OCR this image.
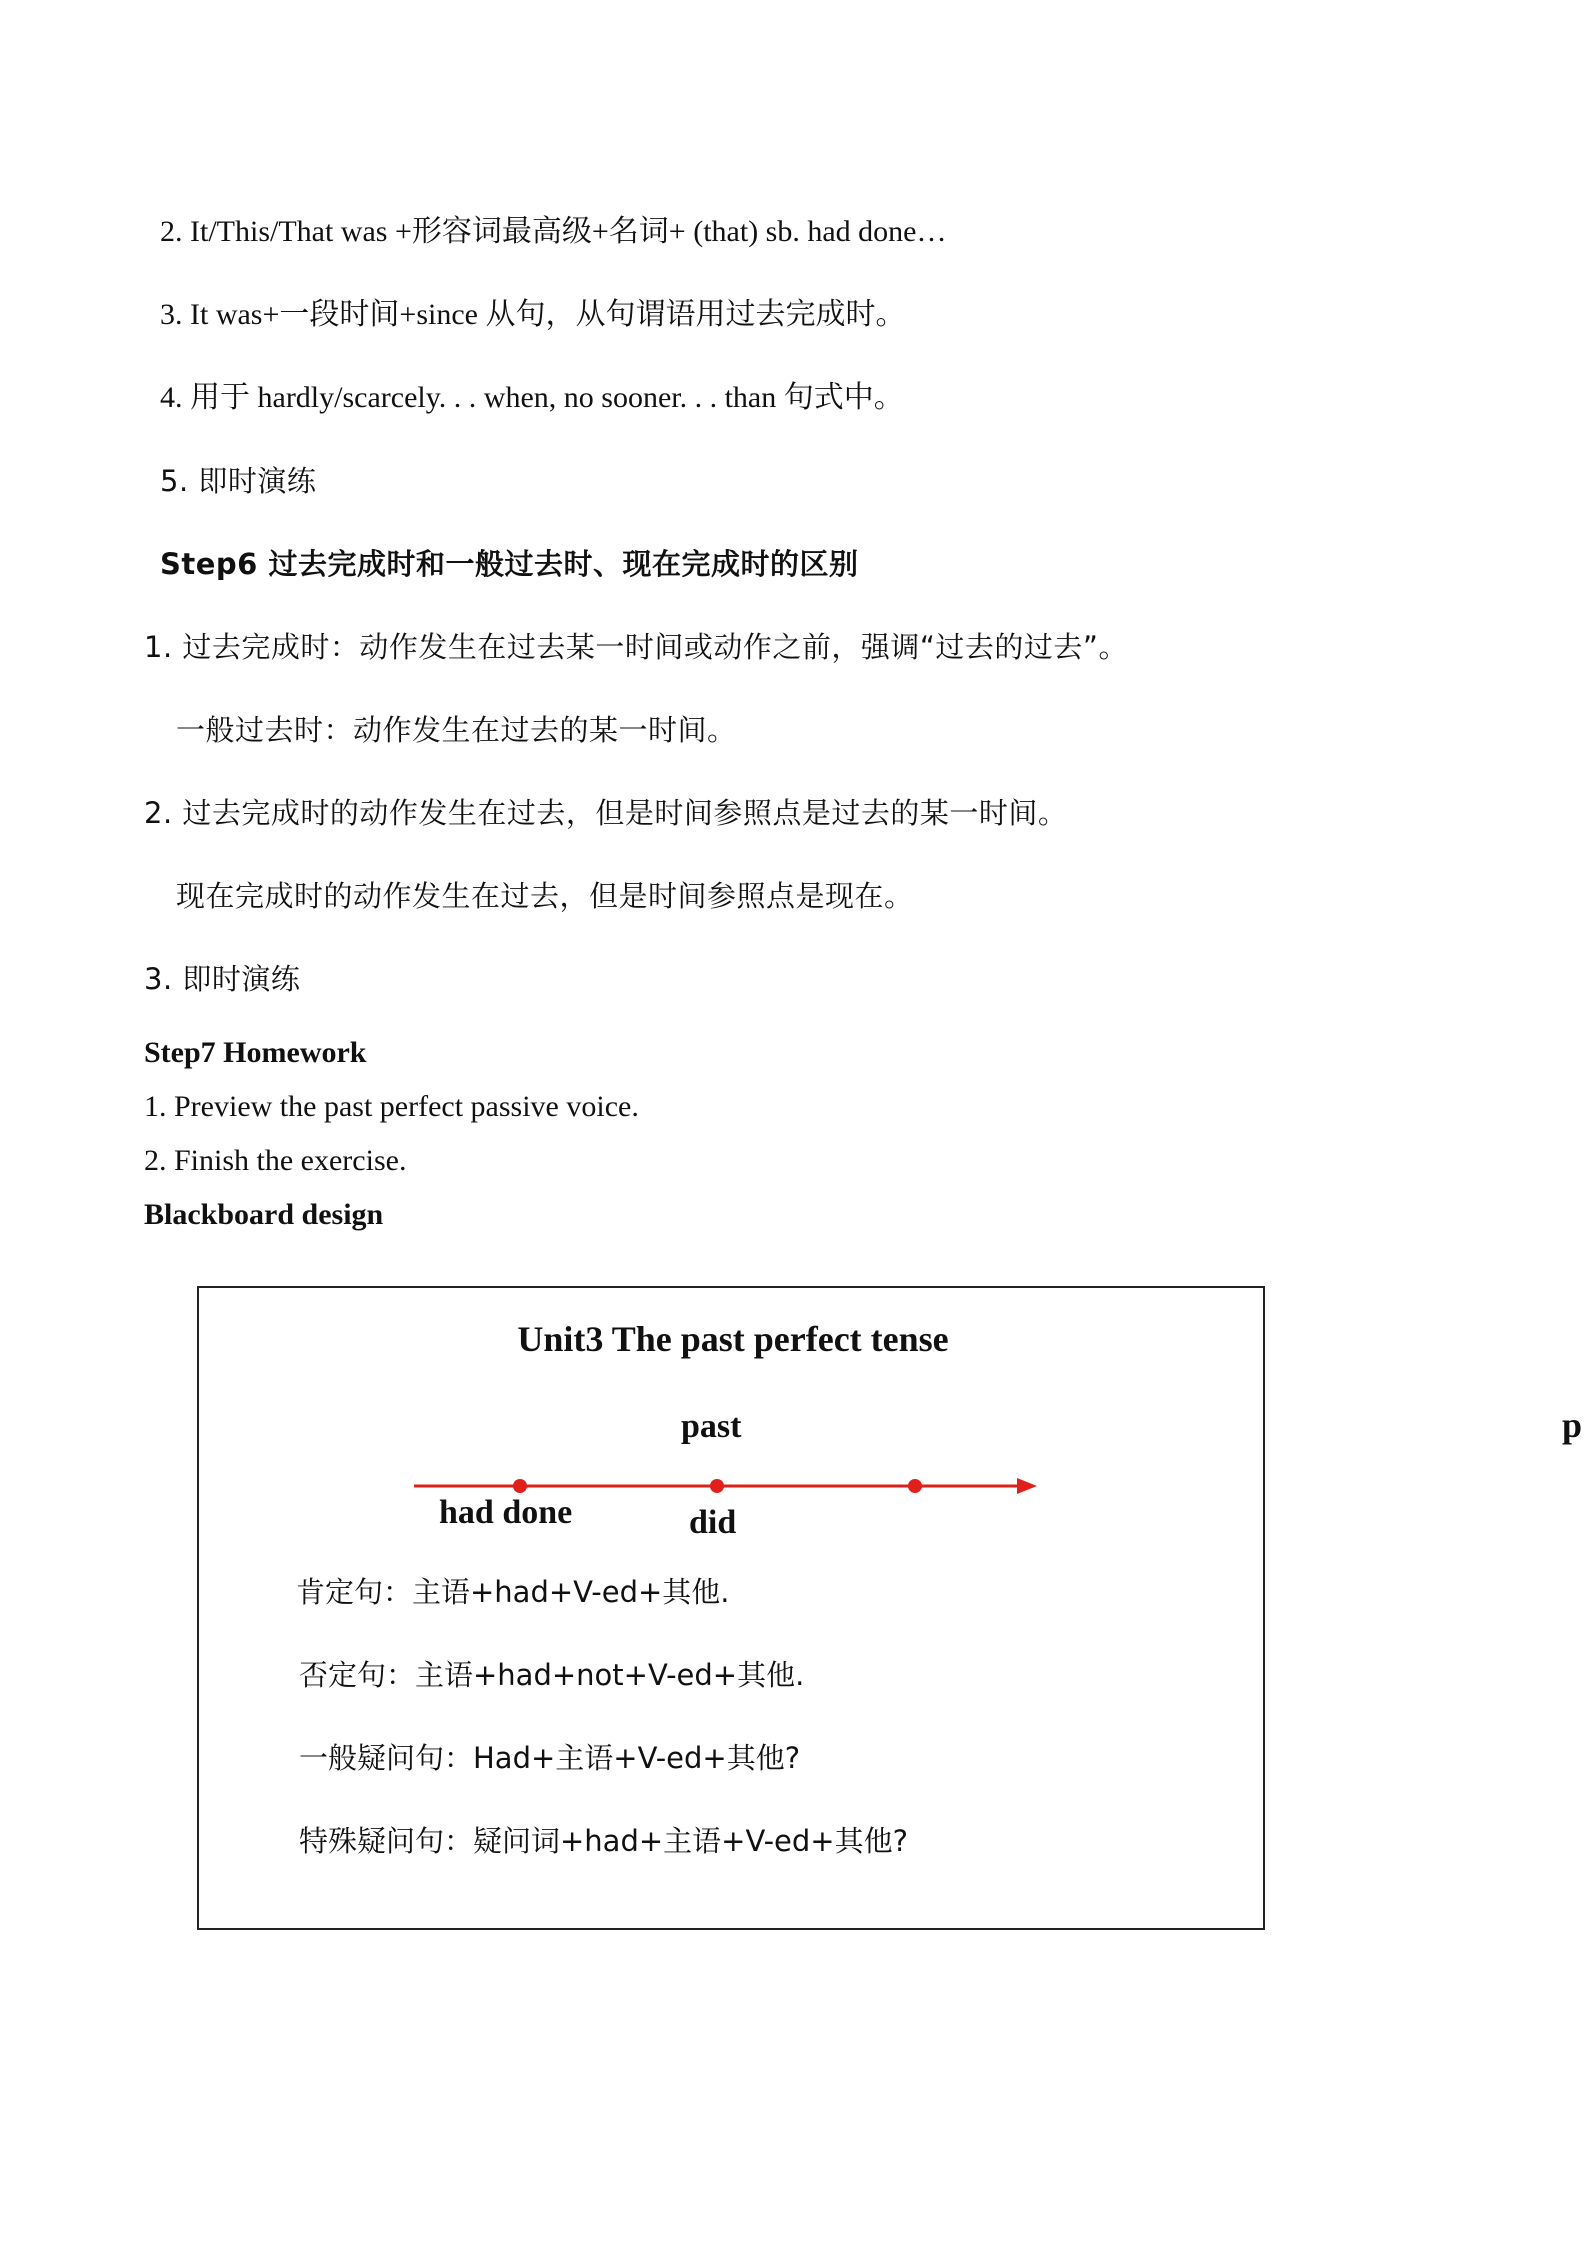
2. It/This/That was +形容词最高级+名词+ (that) sb. had done…
3. It was+一段时间+since 从句，从句谓语用过去完成时。
4. 用于 hardly/scarcely. . . when, no sooner. . . than 句式中。
5. 即时演练
Step6 过去完成时和一般过去时、现在完成时的区别
1. 过去完成时：动作发生在过去某一时间或动作之前，强调“过去的过去”。
一般过去时：动作发生在过去的某一时间。
2. 过去完成时的动作发生在过去，但是时间参照点是过去的某一时间。
现在完成时的动作发生在过去，但是时间参照点是现在。
3. 即时演练
Step7 Homework
1. Preview the past perfect passive voice.
2. Finish the exercise.
Blackboard design
Unit3 The past perfect tense
past
had done	did
肯定句：主语+had+V-ed+其他.
否定句：主语+had+not+V-ed+其他.
一般疑问句：Had+主语+V-ed+其他?
特殊疑问句：疑问词+had+主语+V-ed+其他?
p
